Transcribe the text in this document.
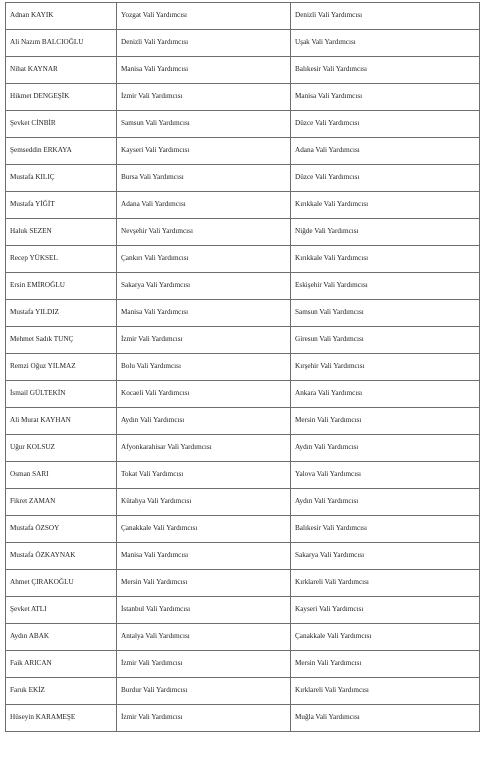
Adnan KAYIK	Yozgat Vali Yardımcısı	Denizli Vali Yardımcısı
Ali Nazım BALCIOĞLU	Denizli Vali Yardımcısı	Uşak Vali Yardımcısı
Nihat KAYNAR	Manisa Vali Yardımcısı	Balıkesir Vali Yardımcısı
Hikmet DENGEŞİK	İzmir Vali Yardımcısı	Manisa Vali Yardımcısı
Şevket CİNBİR	Samsun Vali Yardımcısı	Düzce Vali Yardımcısı
Şemseddin ERKAYA	Kayseri Vali Yardımcısı	Adana Vali Yardımcısı
Mustafa KILIÇ	Bursa Vali Yardımcısı	Düzce Vali Yardımcısı
Mustafa YİĞİT	Adana Vali Yardımcısı	Kırıkkale Vali Yardımcısı
Haluk SEZEN	Nevşehir Vali Yardımcısı	Niğde Vali Yardımcısı
Recep YÜKSEL	Çankırı Vali Yardımcısı	Kırıkkale Vali Yardımcısı
Ersin EMİROĞLU	Sakarya Vali Yardımcısı	Eskişehir Vali Yardımcısı
Mustafa YILDIZ	Manisa Vali Yardımcısı	Samsun Vali Yardımcısı
Mehmet Sadık TUNÇ	İzmir Vali Yardımcısı	Giresun Vali Yardımcısı
Remzi Oğuz YILMAZ	Bolu Vali Yardımcısı	Kırşehir Vali Yardımcısı
İsmail GÜLTEKİN	Kocaeli Vali Yardımcısı	Ankara Vali Yardımcısı
Ali Murat KAYHAN	Aydın Vali Yardımcısı	Mersin Vali Yardımcısı
Uğur KOLSUZ	Afyonkarahisar Vali Yardımcısı	Aydın Vali Yardımcısı
Osman SARI	Tokat Vali Yardımcısı	Yalova Vali Yardımcısı
Fikret ZAMAN	Kütahya Vali Yardımcısı	Aydın Vali Yardımcısı
Mustafa ÖZSOY	Çanakkale Vali Yardımcısı	Balıkesir Vali Yardımcısı
Mustafa ÖZKAYNAK	Manisa Vali Yardımcısı	Sakarya Vali Yardımcısı
Ahmet ÇIRAKOĞLU	Mersin Vali Yardımcısı	Kırklareli Vali Yardımcısı
Şevket ATLI	İstanbul Vali Yardımcısı	Kayseri Vali Yardımcısı
Aydın ABAK	Antalya Vali Yardımcısı	Çanakkale Vali Yardımcısı
Faik ARICAN	İzmir Vali Yardımcısı	Mersin Vali Yardımcısı
Faruk EKİZ	Burdur Vali Yardımcısı	Kırklareli Vali Yardımcısı
Hüseyin KARAMEŞE	İzmir Vali Yardımcısı	Muğla Vali Yardımcısı
